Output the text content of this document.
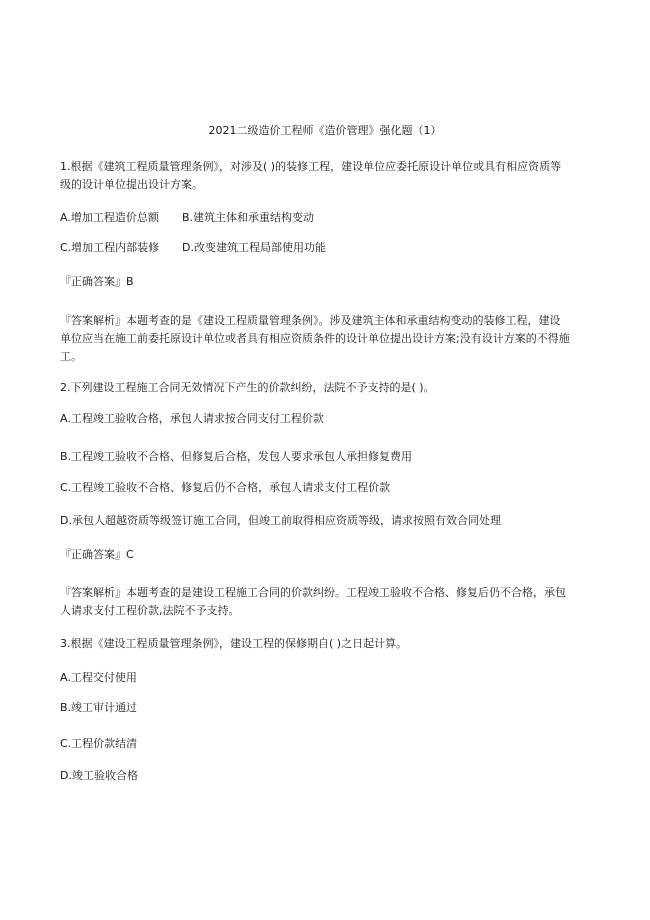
2021二级造价工程师《造价管理》强化题（1）
1.根据《建筑工程质量管理条例》，对涉及( )的装修工程，建设单位应委托原设计单位或具有相应资质等
级的设计单位提出设计方案。
A.增加工程造价总额 B.建筑主体和承重结构变动
C.增加工程内部装修 D.改变建筑工程局部使用功能
『正确答案』B
『答案解析』本题考查的是《建设工程质量管理条例》。涉及建筑主体和承重结构变动的装修工程，建设
单位应当在施工前委托原设计单位或者具有相应资质条件的设计单位提出设计方案;没有设计方案的不得施
工。
2.下列建设工程施工合同无效情况下产生的价款纠纷，法院不予支持的是( )。
A.工程竣工验收合格，承包人请求按合同支付工程价款
B.工程竣工验收不合格、但修复后合格，发包人要求承包人承担修复费用
C.工程竣工验收不合格、修复后仍不合格，承包人请求支付工程价款
D.承包人超越资质等级签订施工合同，但竣工前取得相应资质等级，请求按照有效合同处理
『正确答案』C
『答案解析』本题考查的是建设工程施工合同的价款纠纷。工程竣工验收不合格、修复后仍不合格，承包
人请求支付工程价款,法院不予支持。
3.根据《建设工程质量管理条例》，建设工程的保修期自( )之日起计算。
A.工程交付使用
B.竣工审计通过
C.工程价款结清
D.竣工验收合格
